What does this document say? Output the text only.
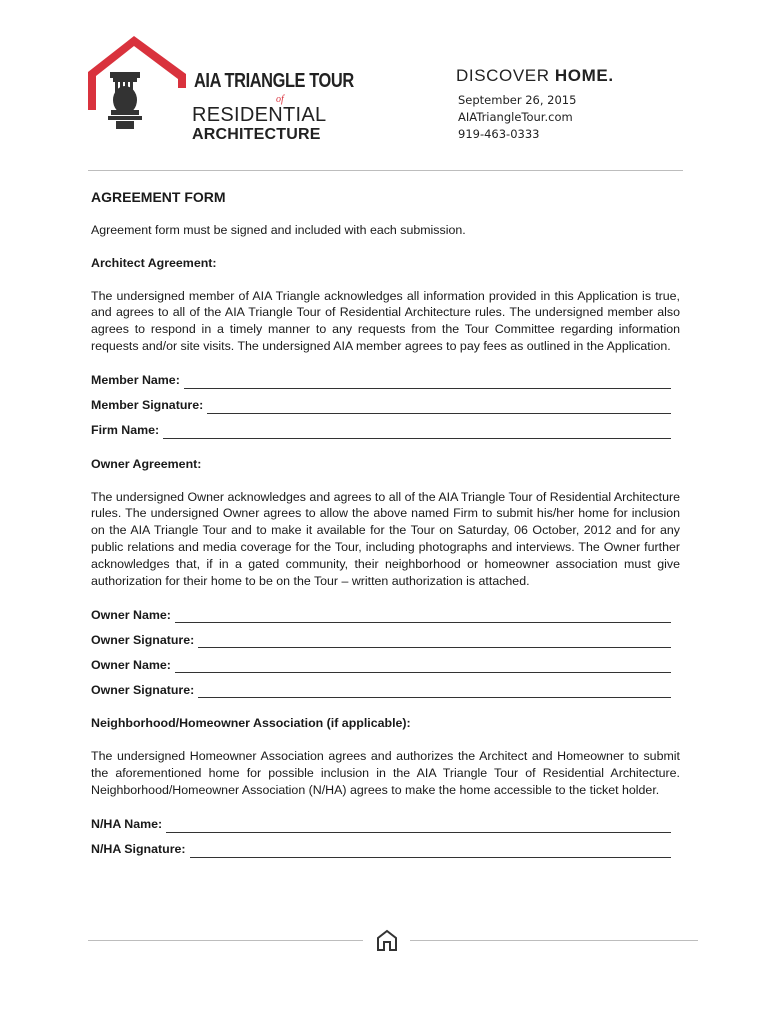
AIA TRIANGLE TOUR
of
RESIDENTIAL
ARCHITECTURE
DISCOVER HOME.
September 26, 2015
AIATriangleTour.com
919-463-0333
AGREEMENT FORM

Agreement form must be signed and included with each submission.

Architect Agreement:

The undersigned member of AIA Triangle acknowledges all information provided in this Application is true, and agrees to all of the AIA Triangle Tour of Residential Architecture rules. The undersigned member also agrees to respond in a timely manner to any requests from the Tour Committee regarding information requests and/or site visits. The undersigned AIA member agrees to pay fees as outlined in the Application.

Member Name:
Member Signature:
Firm Name:
Owner Agreement:

The undersigned Owner acknowledges and agrees to all of the AIA Triangle Tour of Residential Architecture rules. The undersigned Owner agrees to allow the above named Firm to submit his/her home for inclusion on the AIA Triangle Tour and to make it available for the Tour on Saturday, 06 October, 2012 and for any public relations and media coverage for the Tour, including photographs and interviews. The Owner further acknowledges that, if in a gated community, their neighborhood or homeowner association must give authorization for their home to be on the Tour – written authorization is attached.

Owner Name:
Owner Signature:
Owner Name:
Owner Signature:
Neighborhood/Homeowner Association (if applicable):

The undersigned Homeowner Association agrees and authorizes the Architect and Homeowner to submit the aforementioned home for possible inclusion in the AIA Triangle Tour of Residential Architecture. Neighborhood/Homeowner Association (N/HA) agrees to make the home accessible to the ticket holder.

N/HA Name:
N/HA Signature:
